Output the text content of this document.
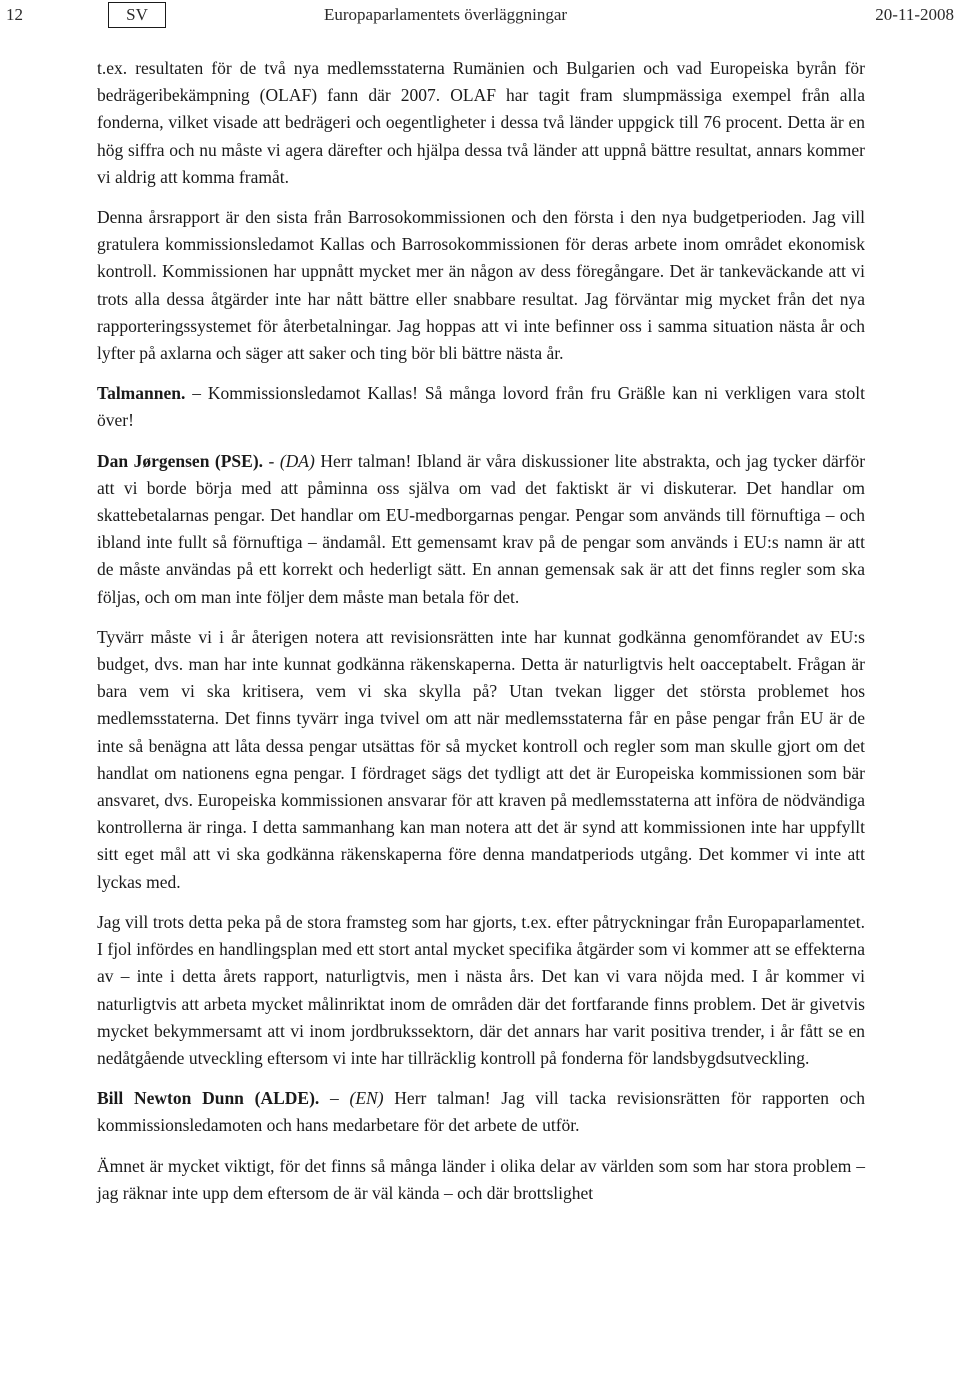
12	SV	Europaparlamentets överläggningar	20-11-2008

t.ex. resultaten för de två nya medlemsstaterna Rumänien och Bulgarien och vad Europeiska byrån för bedrägeribekämpning (OLAF) fann där 2007. OLAF har tagit fram slumpmässiga exempel från alla fonderna, vilket visade att bedrägeri och oegentligheter i dessa två länder uppgick till 76 procent. Detta är en hög siffra och nu måste vi agera därefter och hjälpa dessa två länder att uppnå bättre resultat, annars kommer vi aldrig att komma framåt.

Denna årsrapport är den sista från Barrosokommissionen och den första i den nya budgetperioden. Jag vill gratulera kommissionsledamot Kallas och Barrosokommissionen för deras arbete inom området ekonomisk kontroll. Kommissionen har uppnått mycket mer än någon av dess föregångare. Det är tankeväckande att vi trots alla dessa åtgärder inte har nått bättre eller snabbare resultat. Jag förväntar mig mycket från det nya rapporteringssystemet för återbetalningar. Jag hoppas att vi inte befinner oss i samma situation nästa år och lyfter på axlarna och säger att saker och ting bör bli bättre nästa år.

Talmannen. – Kommissionsledamot Kallas! Så många lovord från fru Gräßle kan ni verkligen vara stolt över!

Dan Jørgensen (PSE). - (DA) Herr talman! Ibland är våra diskussioner lite abstrakta, och jag tycker därför att vi borde börja med att påminna oss själva om vad det faktiskt är vi diskuterar. Det handlar om skattebetalarnas pengar. Det handlar om EU-medborgarnas pengar. Pengar som används till förnuftiga – och ibland inte fullt så förnuftiga – ändamål. Ett gemensamt krav på de pengar som används i EU:s namn är att de måste användas på ett korrekt och hederligt sätt. En annan gemensak sak är att det finns regler som ska följas, och om man inte följer dem måste man betala för det.

Tyvärr måste vi i år återigen notera att revisionsrätten inte har kunnat godkänna genomförandet av EU:s budget, dvs. man har inte kunnat godkänna räkenskaperna. Detta är naturligtvis helt oacceptabelt. Frågan är bara vem vi ska kritisera, vem vi ska skylla på? Utan tvekan ligger det största problemet hos medlemsstaterna. Det finns tyvärr inga tvivel om att när medlemsstaterna får en påse pengar från EU är de inte så benägna att låta dessa pengar utsättas för så mycket kontroll och regler som man skulle gjort om det handlat om nationens egna pengar. I fördraget sägs det tydligt att det är Europeiska kommissionen som bär ansvaret, dvs. Europeiska kommissionen ansvarar för att kraven på medlemsstaterna att införa de nödvändiga kontrollerna är ringa. I detta sammanhang kan man notera att det är synd att kommissionen inte har uppfyllt sitt eget mål att vi ska godkänna räkenskaperna före denna mandatperiods utgång. Det kommer vi inte att lyckas med.

Jag vill trots detta peka på de stora framsteg som har gjorts, t.ex. efter påtryckningar från Europaparlamentet. I fjol infördes en handlingsplan med ett stort antal mycket specifika åtgärder som vi kommer att se effekterna av – inte i detta årets rapport, naturligtvis, men i nästa års. Det kan vi vara nöjda med. I år kommer vi naturligtvis att arbeta mycket målinriktat inom de områden där det fortfarande finns problem. Det är givetvis mycket bekymmersamt att vi inom jordbrukssektorn, där det annars har varit positiva trender, i år fått se en nedåtgående utveckling eftersom vi inte har tillräcklig kontroll på fonderna för landsbygdsutveckling.

Bill Newton Dunn (ALDE). – (EN) Herr talman! Jag vill tacka revisionsrätten för rapporten och kommissionsledamoten och hans medarbetare för det arbete de utför.

Ämnet är mycket viktigt, för det finns så många länder i olika delar av världen som som har stora problem – jag räknar inte upp dem eftersom de är väl kända – och där brottslighet
